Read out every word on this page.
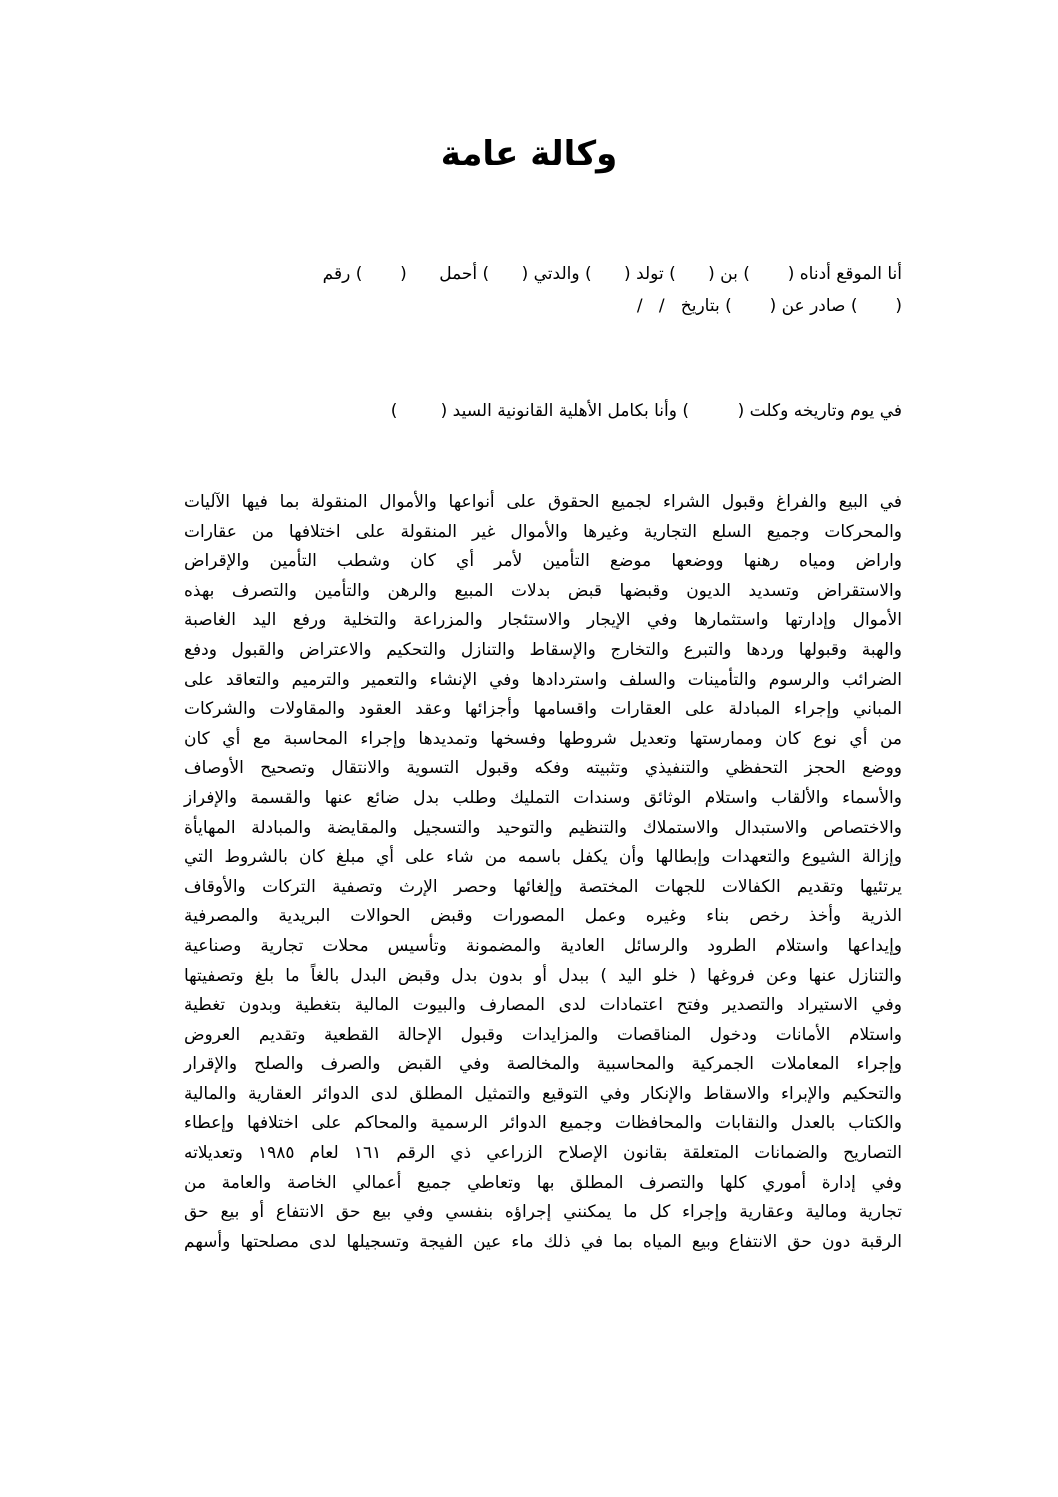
وكالة عامة
أنا الموقع أدناه (       ) بن (      ) تولد (      ) والدتي (      ) أحمل      (       ) رقم
(       ) صادر عن (       ) بتاريخ   /   /
في يوم وتاريخه وكلت (         ) وأنا بكامل الأهلية القانونية السيد (        )
في البيع والفراغ وقبول الشراء لجميع الحقوق على أنواعها والأموال المنقولة بما فيها الآليات
والمحركات وجميع السلع التجارية وغيرها والأموال غير المنقولة على اختلافها من عقارات
واراض ومياه رهنها ووضعها موضع التأمين لأمر أي كان وشطب التأمين والإقراض
والاستقراض وتسديد الديون وقبضها قبض بدلات المبيع والرهن والتأمين والتصرف بهذه
الأموال وإدارتها واستثمارها وفي الإيجار والاستئجار والمزراعة والتخلية ورفع اليد الغاصبة
والهبة وقبولها وردها والتبرع والتخارج والإسقاط والتنازل والتحكيم والاعتراض والقبول ودفع
الضرائب والرسوم والتأمينات والسلف واستردادها وفي الإنشاء والتعمير والترميم والتعاقد على
المباني وإجراء المبادلة على العقارات واقسامها وأجزائها وعقد العقود والمقاولات والشركات
من أي نوع كان وممارستها وتعديل شروطها وفسخها وتمديدها وإجراء المحاسبة مع أي كان
ووضع الحجز التحفظي والتنفيذي وتثبيته وفكه وقبول التسوية والانتقال وتصحيح الأوصاف
والأسماء والألقاب واستلام الوثائق وسندات التمليك وطلب بدل ضائع عنها والقسمة والإفراز
والاختصاص والاستبدال والاستملاك والتنظيم والتوحيد والتسجيل والمقايضة والمبادلة المهايأة
وإزالة الشيوع والتعهدات وإبطالها وأن يكفل باسمه من شاء على أي مبلغ كان بالشروط التي
يرتئيها وتقديم الكفالات للجهات المختصة وإلغائها وحصر الإرث وتصفية التركات والأوقاف
الذرية وأخذ رخص بناء وغيره وعمل المصورات وقبض الحوالات البريدية والمصرفية
وإيداعها واستلام الطرود والرسائل العادية والمضمونة وتأسيس محلات تجارية وصناعية
والتنازل عنها وعن فروغها ( خلو اليد ) ببدل أو بدون بدل وقبض البدل بالغاً ما بلغ وتصفيتها
وفي الاستيراد والتصدير وفتح اعتمادات لدى المصارف والبيوت المالية بتغطية وبدون تغطية
واستلام الأمانات ودخول المناقصات والمزايدات وقبول الإحالة القطعية وتقديم العروض
وإجراء المعاملات الجمركية والمحاسبية والمخالصة وفي القبض والصرف والصلح والإقرار
والتحكيم والإبراء والاسقاط والإنكار وفي التوقيع والتمثيل المطلق لدى الدوائر العقارية والمالية
والكتاب بالعدل والنقابات والمحافظات وجميع الدوائر الرسمية والمحاكم على اختلافها وإعطاء
التصاريح والضمانات المتعلقة بقانون الإصلاح الزراعي ذي الرقم ١٦١ لعام ١٩٨٥ وتعديلاته
وفي إدارة أموري كلها والتصرف المطلق بها وتعاطي جميع أعمالي الخاصة والعامة من
تجارية ومالية وعقارية وإجراء كل ما يمكنني إجراؤه بنفسي وفي بيع حق الانتفاع أو بيع حق
الرقبة دون حق الانتفاع وبيع المياه بما في ذلك ماء عين الفيجة وتسجيلها لدى مصلحتها وأسهم
